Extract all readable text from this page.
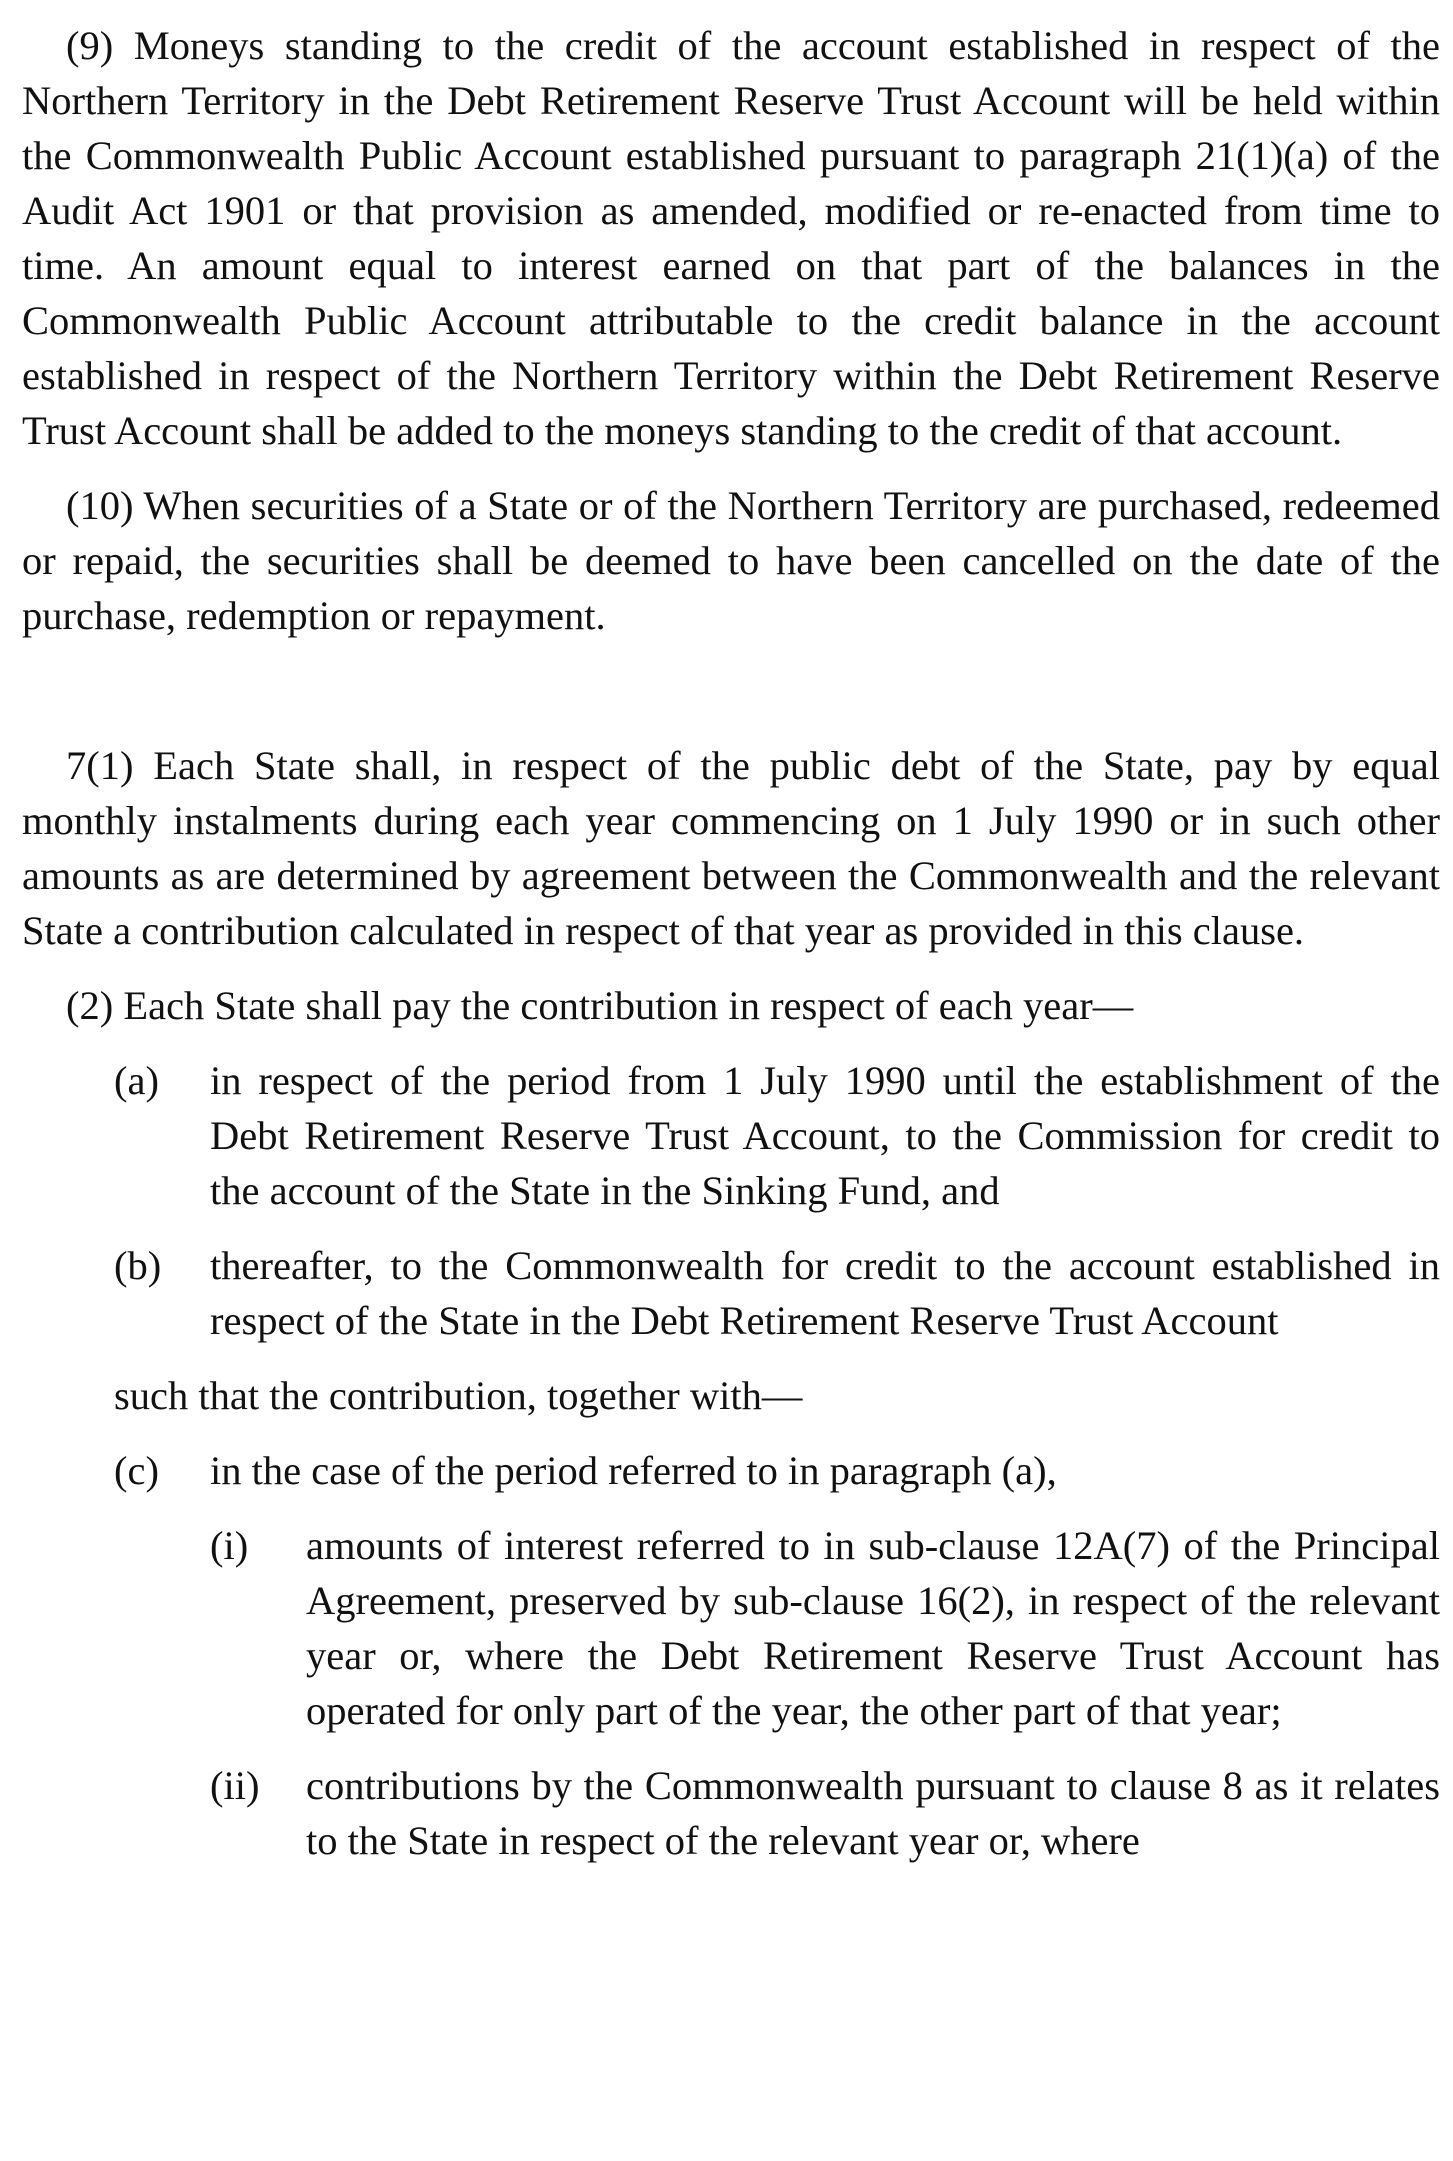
(9) Moneys standing to the credit of the account established in respect of the Northern Territory in the Debt Retirement Reserve Trust Account will be held within the Commonwealth Public Account established pursuant to paragraph 21(1)(a) of the Audit Act 1901 or that provision as amended, modified or re-enacted from time to time. An amount equal to interest earned on that part of the balances in the Commonwealth Public Account attributable to the credit balance in the account established in respect of the Northern Territory within the Debt Retirement Reserve Trust Account shall be added to the moneys standing to the credit of that account.

(10) When securities of a State or of the Northern Territory are purchased, redeemed or repaid, the securities shall be deemed to have been cancelled on the date of the purchase, redemption or repayment.

7(1) Each State shall, in respect of the public debt of the State, pay by equal monthly instalments during each year commencing on 1 July 1990 or in such other amounts as are determined by agreement between the Commonwealth and the relevant State a contribution calculated in respect of that year as provided in this clause.

(2) Each State shall pay the contribution in respect of each year—

(a)	in respect of the period from 1 July 1990 until the establishment of the Debt Retirement Reserve Trust Account, to the Commission for credit to the account of the State in the Sinking Fund, and
(b)	thereafter, to the Commonwealth for credit to the account established in respect of the State in the Debt Retirement Reserve Trust Account

such that the contribution, together with—

(c)	in the case of the period referred to in paragraph (a),
(i)	amounts of interest referred to in sub-clause 12A(7) of the Principal Agreement, preserved by sub-clause 16(2), in respect of the relevant year or, where the Debt Retirement Reserve Trust Account has operated for only part of the year, the other part of that year;
(ii)	contributions by the Commonwealth pursuant to clause 8 as it relates to the State in respect of the relevant year or, where
